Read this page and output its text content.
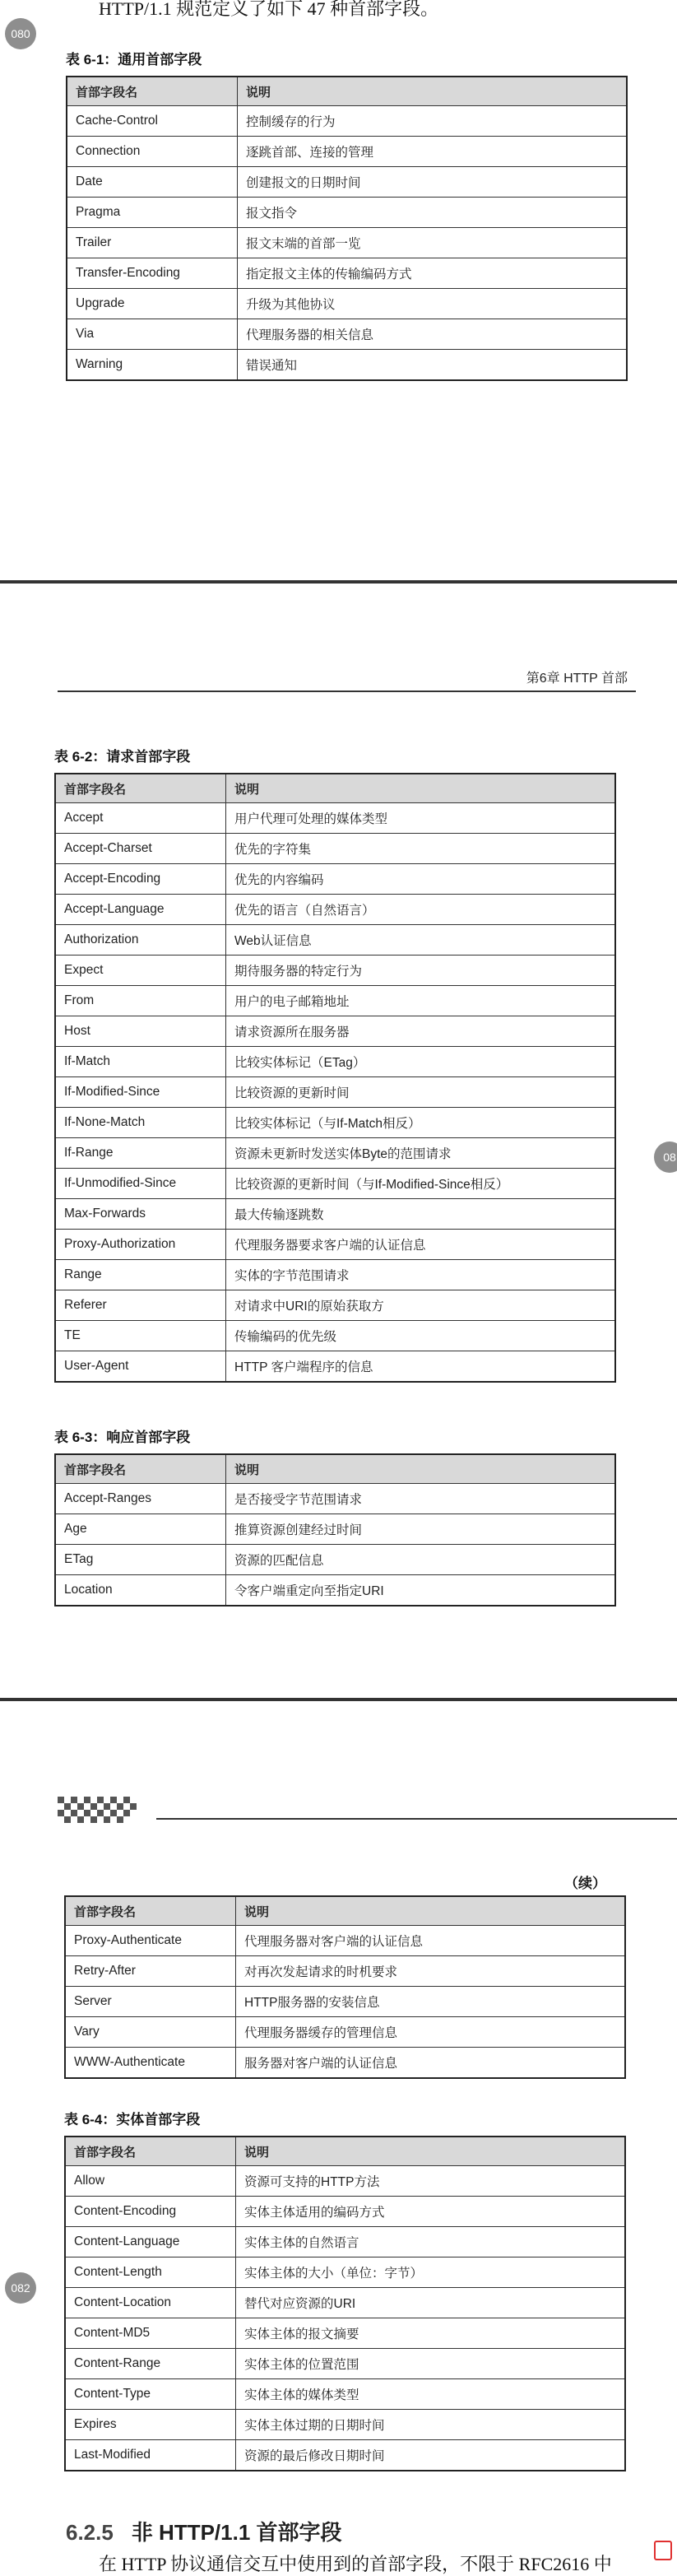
080
HTTP/1.1 规范定义了如下 47 种首部字段。
表 6-1：通用首部字段
首部字段名	说明
Cache-Control	控制缓存的行为
Connection	逐跳首部、连接的管理
Date	创建报文的日期时间
Pragma	报文指令
Trailer	报文末端的首部一览
Transfer-Encoding	指定报文主体的传输编码方式
Upgrade	升级为其他协议
Via	代理服务器的相关信息
Warning	错误通知
第6章 HTTP 首部
表 6-2：请求首部字段
首部字段名	说明
Accept	用户代理可处理的媒体类型
Accept-Charset	优先的字符集
Accept-Encoding	优先的内容编码
Accept-Language	优先的语言（自然语言）
Authorization	Web认证信息
Expect	期待服务器的特定行为
From	用户的电子邮箱地址
Host	请求资源所在服务器
If-Match	比较实体标记（ETag）
If-Modified-Since	比较资源的更新时间
If-None-Match	比较实体标记（与If-Match相反）
If-Range	资源未更新时发送实体Byte的范围请求
If-Unmodified-Since	比较资源的更新时间（与If-Modified-Since相反）
Max-Forwards	最大传输逐跳数
Proxy-Authorization	代理服务器要求客户端的认证信息
Range	实体的字节范围请求
Referer	对请求中URI的原始获取方
TE	传输编码的优先级
User-Agent	HTTP 客户端程序的信息
08
表 6-3：响应首部字段
首部字段名	说明
Accept-Ranges	是否接受字节范围请求
Age	推算资源创建经过时间
ETag	资源的匹配信息
Location	令客户端重定向至指定URI
（续）
首部字段名	说明
Proxy-Authenticate	代理服务器对客户端的认证信息
Retry-After	对再次发起请求的时机要求
Server	HTTP服务器的安装信息
Vary	代理服务器缓存的管理信息
WWW-Authenticate	服务器对客户端的认证信息
表 6-4：实体首部字段
首部字段名	说明
Allow	资源可支持的HTTP方法
Content-Encoding	实体主体适用的编码方式
Content-Language	实体主体的自然语言
Content-Length	实体主体的大小（单位：字节）
Content-Location	替代对应资源的URI
Content-MD5	实体主体的报文摘要
Content-Range	实体主体的位置范围
Content-Type	实体主体的媒体类型
Expires	实体主体过期的日期时间
Last-Modified	资源的最后修改日期时间
082
6.2.5 非 HTTP/1.1 首部字段
在 HTTP 协议通信交互中使用到的首部字段，不限于 RFC2616 中
